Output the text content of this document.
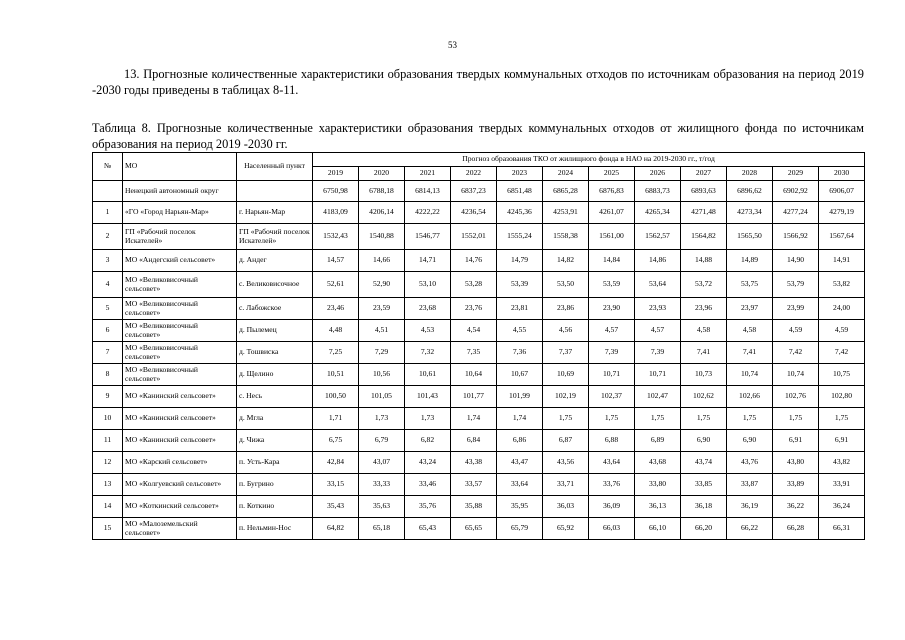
53

13. Прогнозные количественные характеристики образования твердых коммунальных отходов по источникам образования на период 2019 -2030 годы приведены в таблицах 8-11.

Таблица 8. Прогнозные количественные характеристики образования твердых коммунальных отходов от жилищного фонда по источникам образования на период 2019 -2030 гг.
№	МО	Населенный пункт	Прогноз образования ТКО от жилищного фонда в НАО на 2019-2030 гг., т/год											
			2019	2020	2021	2022	2023	2024	2025	2026	2027	2028	2029	2030
	Ненецкий автономный округ		6750,98	6788,18	6814,13	6837,23	6851,48	6865,28	6876,83	6883,73	6893,63	6896,62	6902,92	6906,07
1	«ГО «Город Нарьян-Мар»	г. Нарьян-Мар	4183,09	4206,14	4222,22	4236,54	4245,36	4253,91	4261,07	4265,34	4271,48	4273,34	4277,24	4279,19
2	ГП «Рабочий поселок Искателей»	ГП «Рабочий поселок Искателей»	1532,43	1540,88	1546,77	1552,01	1555,24	1558,38	1561,00	1562,57	1564,82	1565,50	1566,92	1567,64
3	МО «Андегский сельсовет»	д. Андег	14,57	14,66	14,71	14,76	14,79	14,82	14,84	14,86	14,88	14,89	14,90	14,91
4	МО «Великовисочный сельсовет»	с. Великовисочное	52,61	52,90	53,10	53,28	53,39	53,50	53,59	53,64	53,72	53,75	53,79	53,82
5	МО «Великовисочный сельсовет»	с. Лабожское	23,46	23,59	23,68	23,76	23,81	23,86	23,90	23,93	23,96	23,97	23,99	24,00
6	МО «Великовисочный сельсовет»	д. Пылемец	4,48	4,51	4,53	4,54	4,55	4,56	4,57	4,57	4,58	4,58	4,59	4,59
7	МО «Великовисочный сельсовет»	д. Тошвиска	7,25	7,29	7,32	7,35	7,36	7,37	7,39	7,39	7,41	7,41	7,42	7,42
8	МО «Великовисочный сельсовет»	д. Щелино	10,51	10,56	10,61	10,64	10,67	10,69	10,71	10,71	10,73	10,74	10,74	10,75
9	МО «Канинский сельсовет»	с. Несь	100,50	101,05	101,43	101,77	101,99	102,19	102,37	102,47	102,62	102,66	102,76	102,80
10	МО «Канинский сельсовет»	д. Мгла	1,71	1,73	1,73	1,74	1,74	1,75	1,75	1,75	1,75	1,75	1,75	1,75
11	МО «Канинский сельсовет»	д. Чижа	6,75	6,79	6,82	6,84	6,86	6,87	6,88	6,89	6,90	6,90	6,91	6,91
12	МО «Карский сельсовет»	п. Усть-Кара	42,84	43,07	43,24	43,38	43,47	43,56	43,64	43,68	43,74	43,76	43,80	43,82
13	МО «Колгуевский сельсовет»	п. Бугрино	33,15	33,33	33,46	33,57	33,64	33,71	33,76	33,80	33,85	33,87	33,89	33,91
14	МО «Коткинский сельсовет»	п. Коткино	35,43	35,63	35,76	35,88	35,95	36,03	36,09	36,13	36,18	36,19	36,22	36,24
15	МО «Малоземельский сельсовет»	п. Нельмин-Нос	64,82	65,18	65,43	65,65	65,79	65,92	66,03	66,10	66,20	66,22	66,28	66,31
